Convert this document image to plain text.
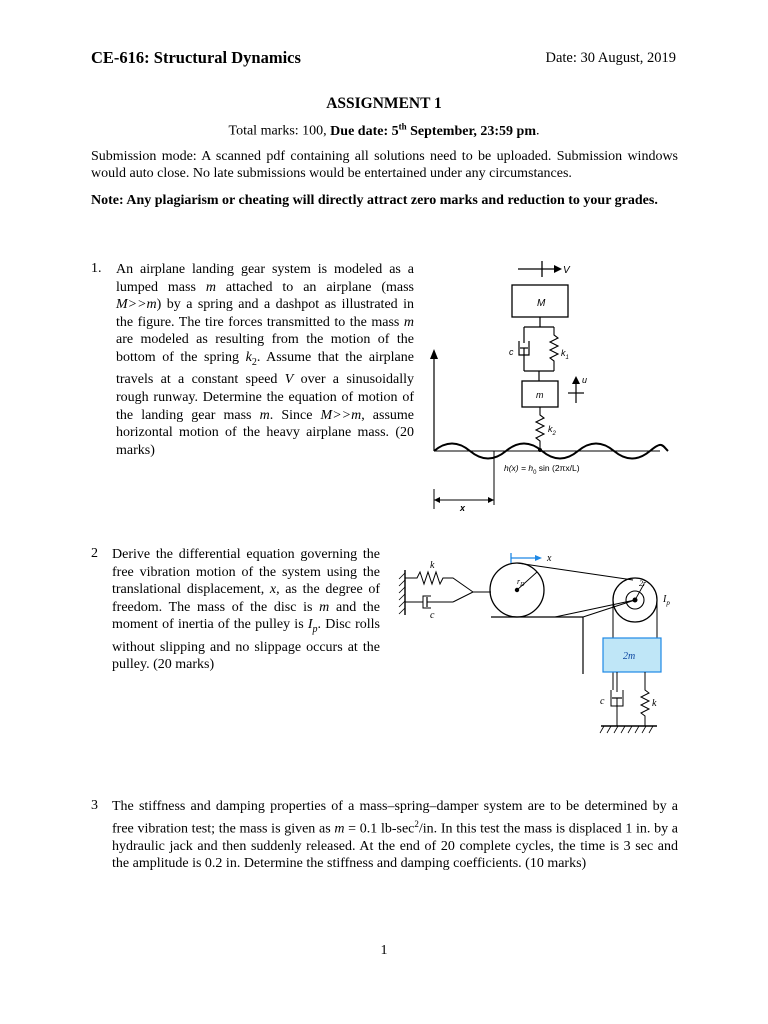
CE-616: Structural Dynamics	Date: 30 August, 2019
ASSIGNMENT 1
Total marks: 100, Due date: 5th September, 23:59 pm.
Submission mode: A scanned pdf containing all solutions need to be uploaded. Submission windows would auto close. No late submissions would be entertained under any circumstances.
Note: Any plagiarism or cheating will directly attract zero marks and reduction to your grades.
1. An airplane landing gear system is modeled as a lumped mass m attached to an airplane (mass M>>m) by a spring and a dashpot as illustrated in the figure. The tire forces transmitted to the mass m are modeled as resulting from the motion of the bottom of the spring $k_2$. Assume that the airplane travels at a constant speed V over a sinusoidally rough runway. Determine the equation of motion of the landing gear mass m. Since M>>m, assume horizontal motion of the heavy airplane mass. (20 marks)
V
M
c	$k_1$
m
u
$k_2$
$h(x) = h_0$ sin (2πx/L)
x
2 Derive the differential equation governing the free vibration motion of the system using the translational displacement, x, as the degree of freedom. The mass of the disc is m and the moment of inertia of the pulley is $I_p$. Disc rolls without slipping and no slippage occurs at the pulley. (20 marks)
k
c
x
$r_D$	2r
$I_p$
2m
c	k
3 The stiffness and damping properties of a mass–spring–damper system are to be determined by a free vibration test; the mass is given as m = 0.1 $lb-\sec^2/in$. In this test the mass is displaced 1 in. by a hydraulic jack and then suddenly released. At the end of 20 complete cycles, the time is 3 sec and the amplitude is 0.2 in. Determine the stiffness and damping coefficients. (10 marks)
1
